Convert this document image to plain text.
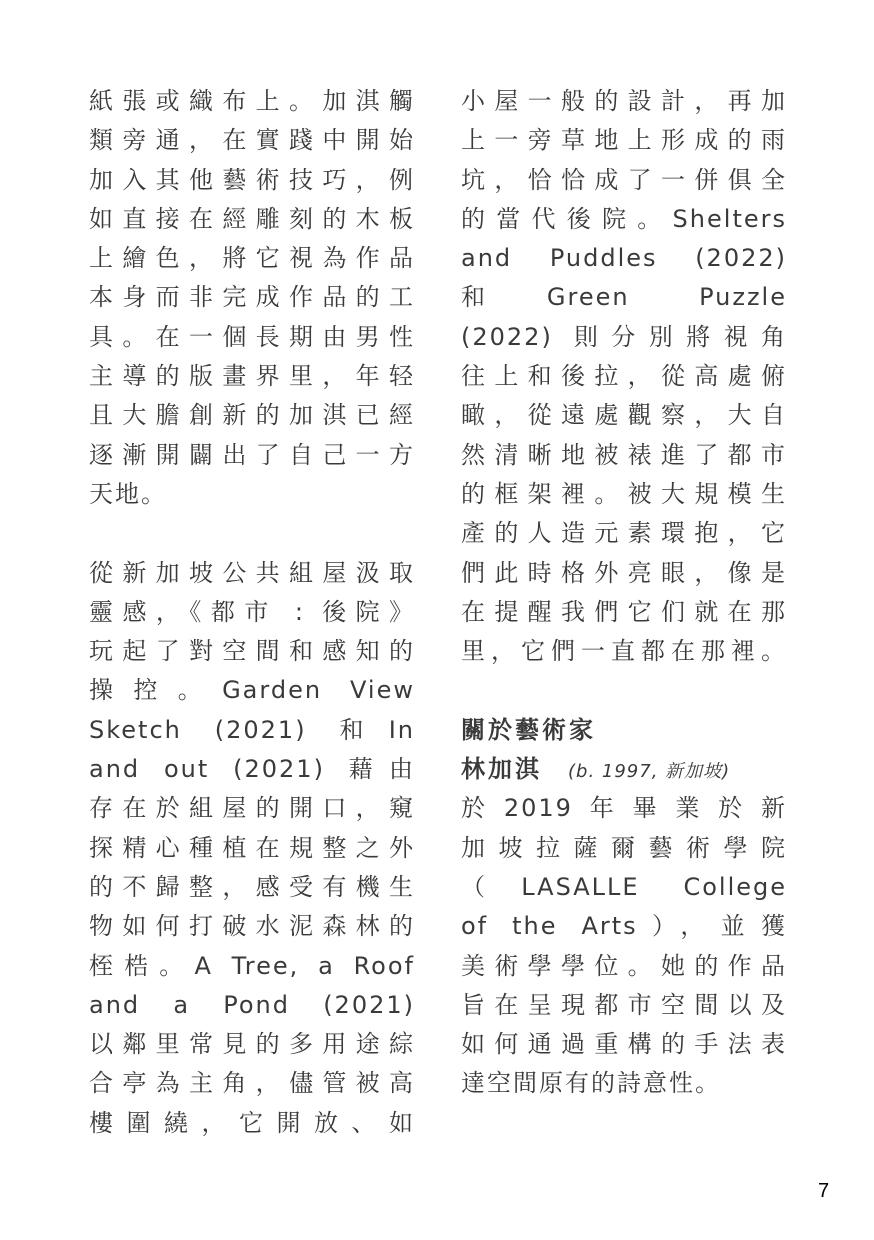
紙張或織布上。加淇觸
類旁通，在實踐中開始
加入其他藝術技巧，例
如直接在經雕刻的木板
上繪色，將它視為作品
本身而非完成作品的工
具。在一個長期由男性
主導的版畫界里，年轻
且大膽創新的加淇已經
逐漸開闢出了自己一方
天地。
從新加坡公共組屋汲取
靈感，《都市 : 後院》
玩起了對空間和感知的
操控。Garden View
Sketch (2021) 和In
and out (2021) 藉由
存在於組屋的開口，窺
探精心種植在規整之外
的不歸整，感受有機生
物如何打破水泥森林的
桎梏。A Tree, a Roof
and a Pond (2021)
以鄰里常見的多用途綜
合亭為主角，儘管被高
樓圍繞，它開放、如
小屋一般的設計，再加
上一旁草地上形成的雨
坑，恰恰成了一併俱全
的當代後院。Shelters
and Puddles (2022)
和Green Puzzle
(2022) 則分別將視角
往上和後拉，從高處俯
瞰，從遠處觀察，大自
然清晰地被裱進了都市
的框架裡。被大規模生
產的人造元素環抱，它
們此時格外亮眼，像是
在提醒我們它们就在那
里，它們一直都在那裡。
關於藝術家
林加淇 (b. 1997, 新加坡)
於2019年畢業於新
加坡拉薩爾藝術學院
（LASALLE College
of the Arts），並獲
美術學學位。她的作品
旨在呈現都市空間以及
如何通過重構的手法表
達空間原有的詩意性。
7
